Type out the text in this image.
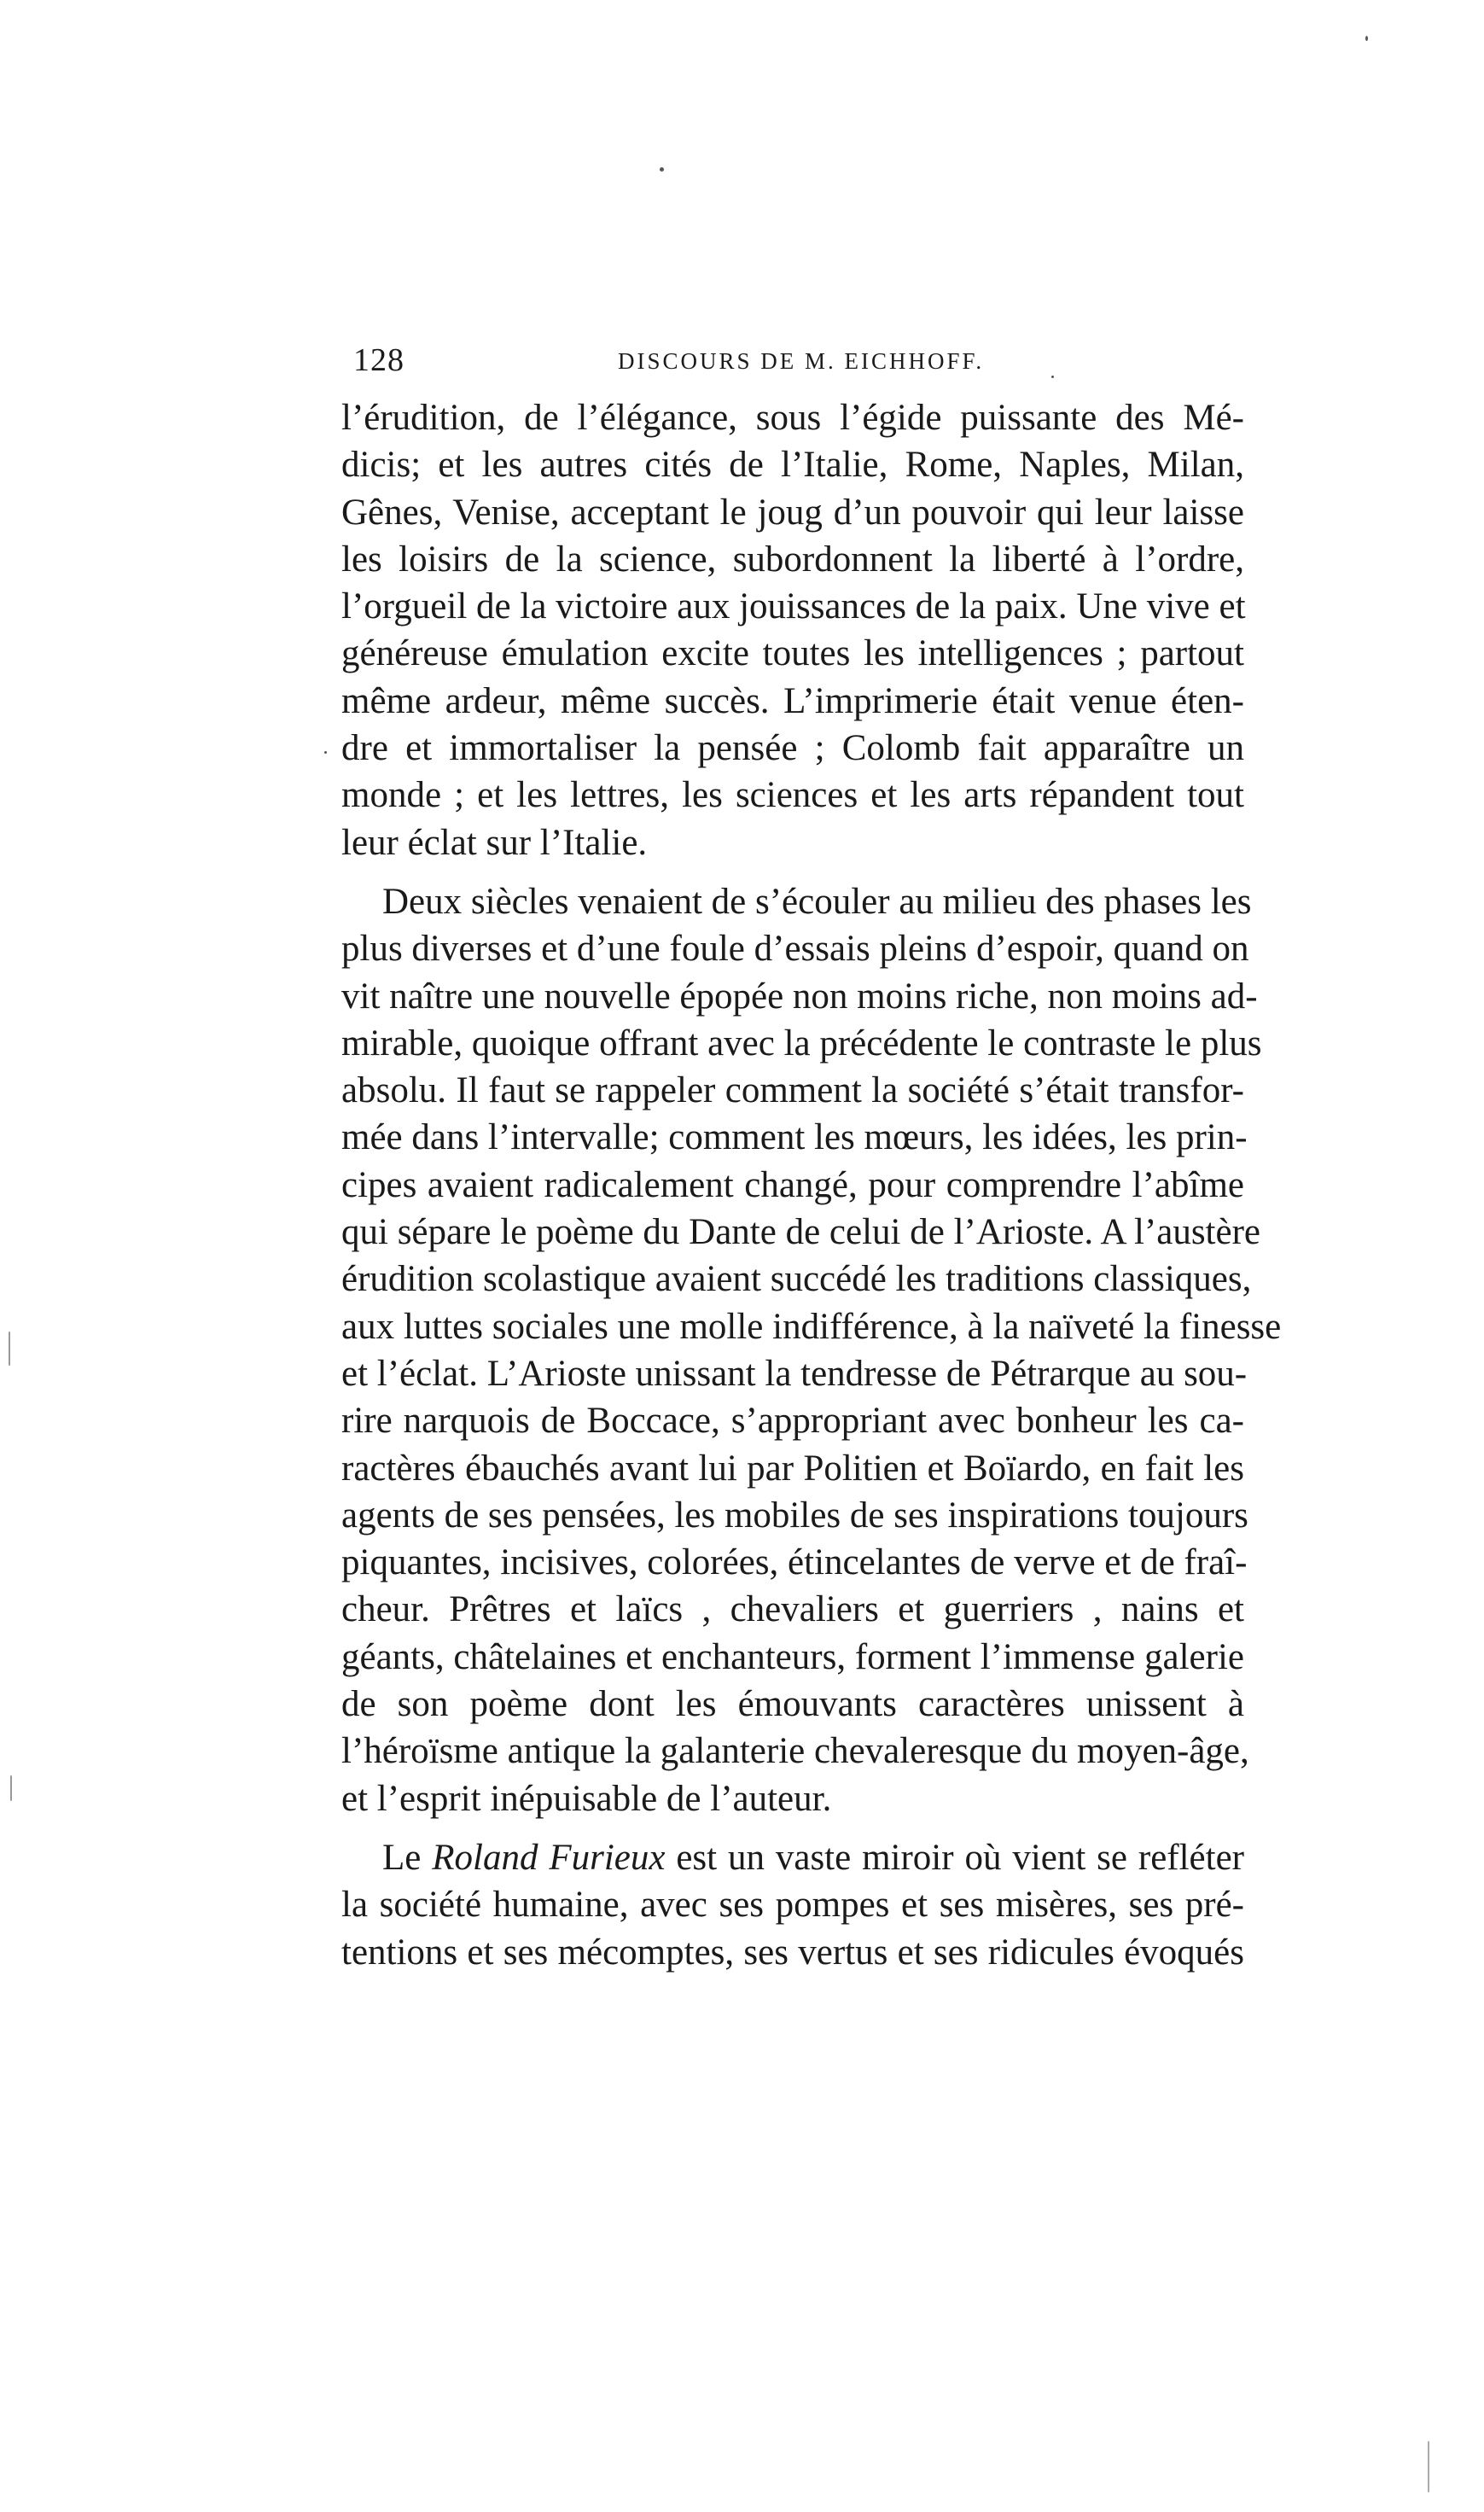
128	DISCOURS DE M. EICHHOFF.
l’érudition, de l’élégance, sous l’égide puissante des Mé-
dicis; et les autres cités de l’Italie, Rome, Naples, Milan,
Gênes, Venise, acceptant le joug d’un pouvoir qui leur laisse
les loisirs de la science, subordonnent la liberté à l’ordre,
l’orgueil de la victoire aux jouissances de la paix. Une vive et
généreuse émulation excite toutes les intelligences ; partout
même ardeur, même succès. L’imprimerie était venue éten-
dre et immortaliser la pensée ; Colomb fait apparaître un
monde ; et les lettres, les sciences et les arts répandent tout
leur éclat sur l’Italie.
Deux siècles venaient de s’écouler au milieu des phases les
plus diverses et d’une foule d’essais pleins d’espoir, quand on
vit naître une nouvelle épopée non moins riche, non moins ad-
mirable, quoique offrant avec la précédente le contraste le plus
absolu. Il faut se rappeler comment la société s’était transfor-
mée dans l’intervalle; comment les mœurs, les idées, les prin-
cipes avaient radicalement changé, pour comprendre l’abîme
qui sépare le poème du Dante de celui de l’Arioste. A l’austère
érudition scolastique avaient succédé les traditions classiques,
aux luttes sociales une molle indifférence, à la naïveté la finesse
et l’éclat. L’Arioste unissant la tendresse de Pétrarque au sou-
rire narquois de Boccace, s’appropriant avec bonheur les ca-
ractères ébauchés avant lui par Politien et Boïardo, en fait les
agents de ses pensées, les mobiles de ses inspirations toujours
piquantes, incisives, colorées, étincelantes de verve et de fraî-
cheur. Prêtres et laïcs , chevaliers et guerriers , nains et
géants, châtelaines et enchanteurs, forment l’immense galerie
de son poème dont les émouvants caractères unissent à
l’héroïsme antique la galanterie chevaleresque du moyen-âge,
et l’esprit inépuisable de l’auteur.
Le Roland Furieux est un vaste miroir où vient se refléter
la société humaine, avec ses pompes et ses misères, ses pré-
tentions et ses mécomptes, ses vertus et ses ridicules évoqués
